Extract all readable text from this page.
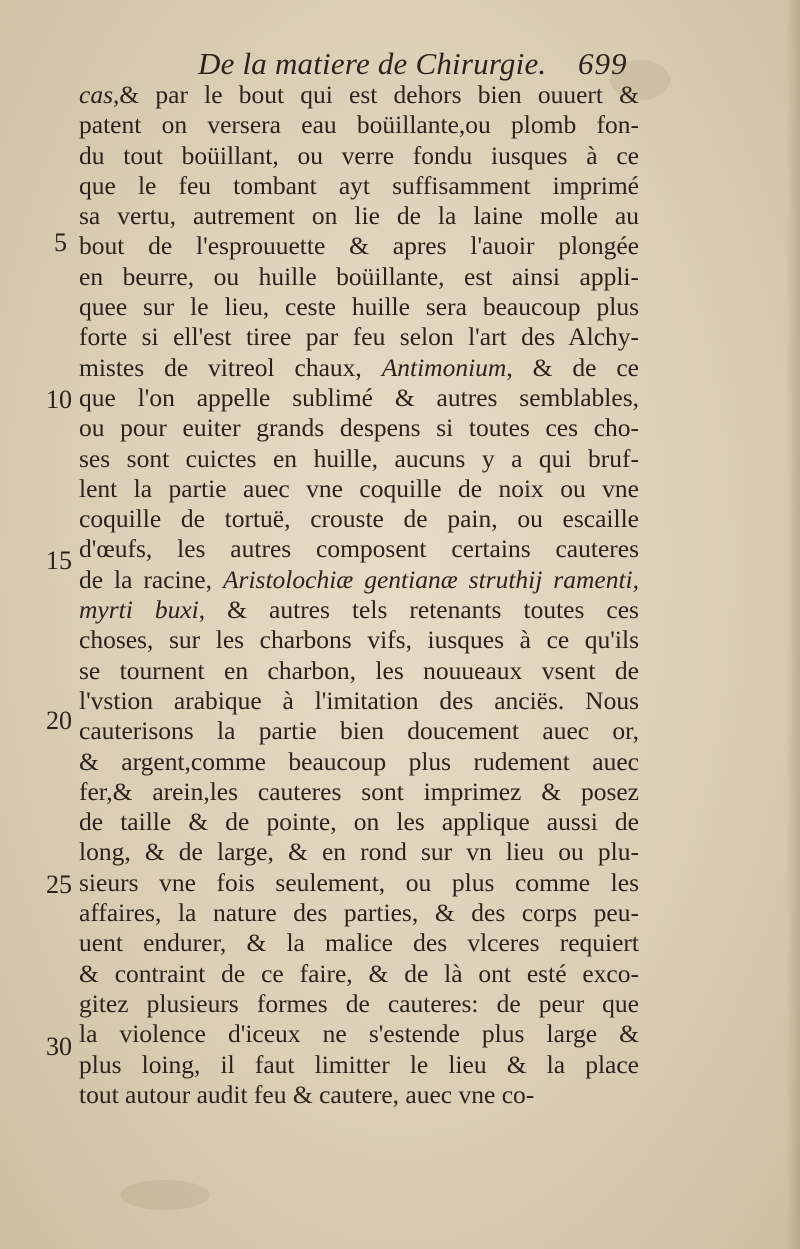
De la matiere de Chirurgie. 699
5
10
15
20
25
30
cas,& par le bout qui est dehors bien ouuert &
patent on versera eau boüillante,ou plomb fon-
du tout boüillant, ou verre fondu iusques à ce
que le feu tombant ayt suffisamment imprimé
sa vertu, autrement on lie de la laine molle au
bout de l'esprouuette & apres l'auoir plongée
en beurre, ou huille boüillante, est ainsi appli-
quee sur le lieu, ceste huille sera beaucoup plus
forte si ell'est tiree par feu selon l'art des Alchy-
mistes de vitreol chaux, Antimonium, & de ce
que l'on appelle sublimé & autres semblables,
ou pour euiter grands despens si toutes ces cho-
ses sont cuictes en huille, aucuns y a qui bruf-
lent la partie auec vne coquille de noix ou vne
coquille de tortuë, crouste de pain, ou escaille
d'œufs, les autres composent certains cauteres
de la racine, Aristolochiæ gentianæ struthij ramenti,
myrti buxi, & autres tels retenants toutes ces
choses, sur les charbons vifs, iusques à ce qu'ils
se tournent en charbon, les nouueaux vsent de
l'vstion arabique à l'imitation des anciës. Nous
cauterisons la partie bien doucement auec or,
& argent,comme beaucoup plus rudement auec
fer,& arein,les cauteres sont imprimez & posez
de taille & de pointe, on les applique aussi de
long, & de large, & en rond sur vn lieu ou plu-
sieurs vne fois seulement, ou plus comme les
affaires, la nature des parties, & des corps peu-
uent endurer, & la malice des vlceres requiert
& contraint de ce faire, & de là ont esté exco-
gitez plusieurs formes de cauteres: de peur que
la violence d'iceux ne s'estende plus large &
plus loing, il faut limitter le lieu & la place
tout autour audit feu & cautere, auec vne co-
